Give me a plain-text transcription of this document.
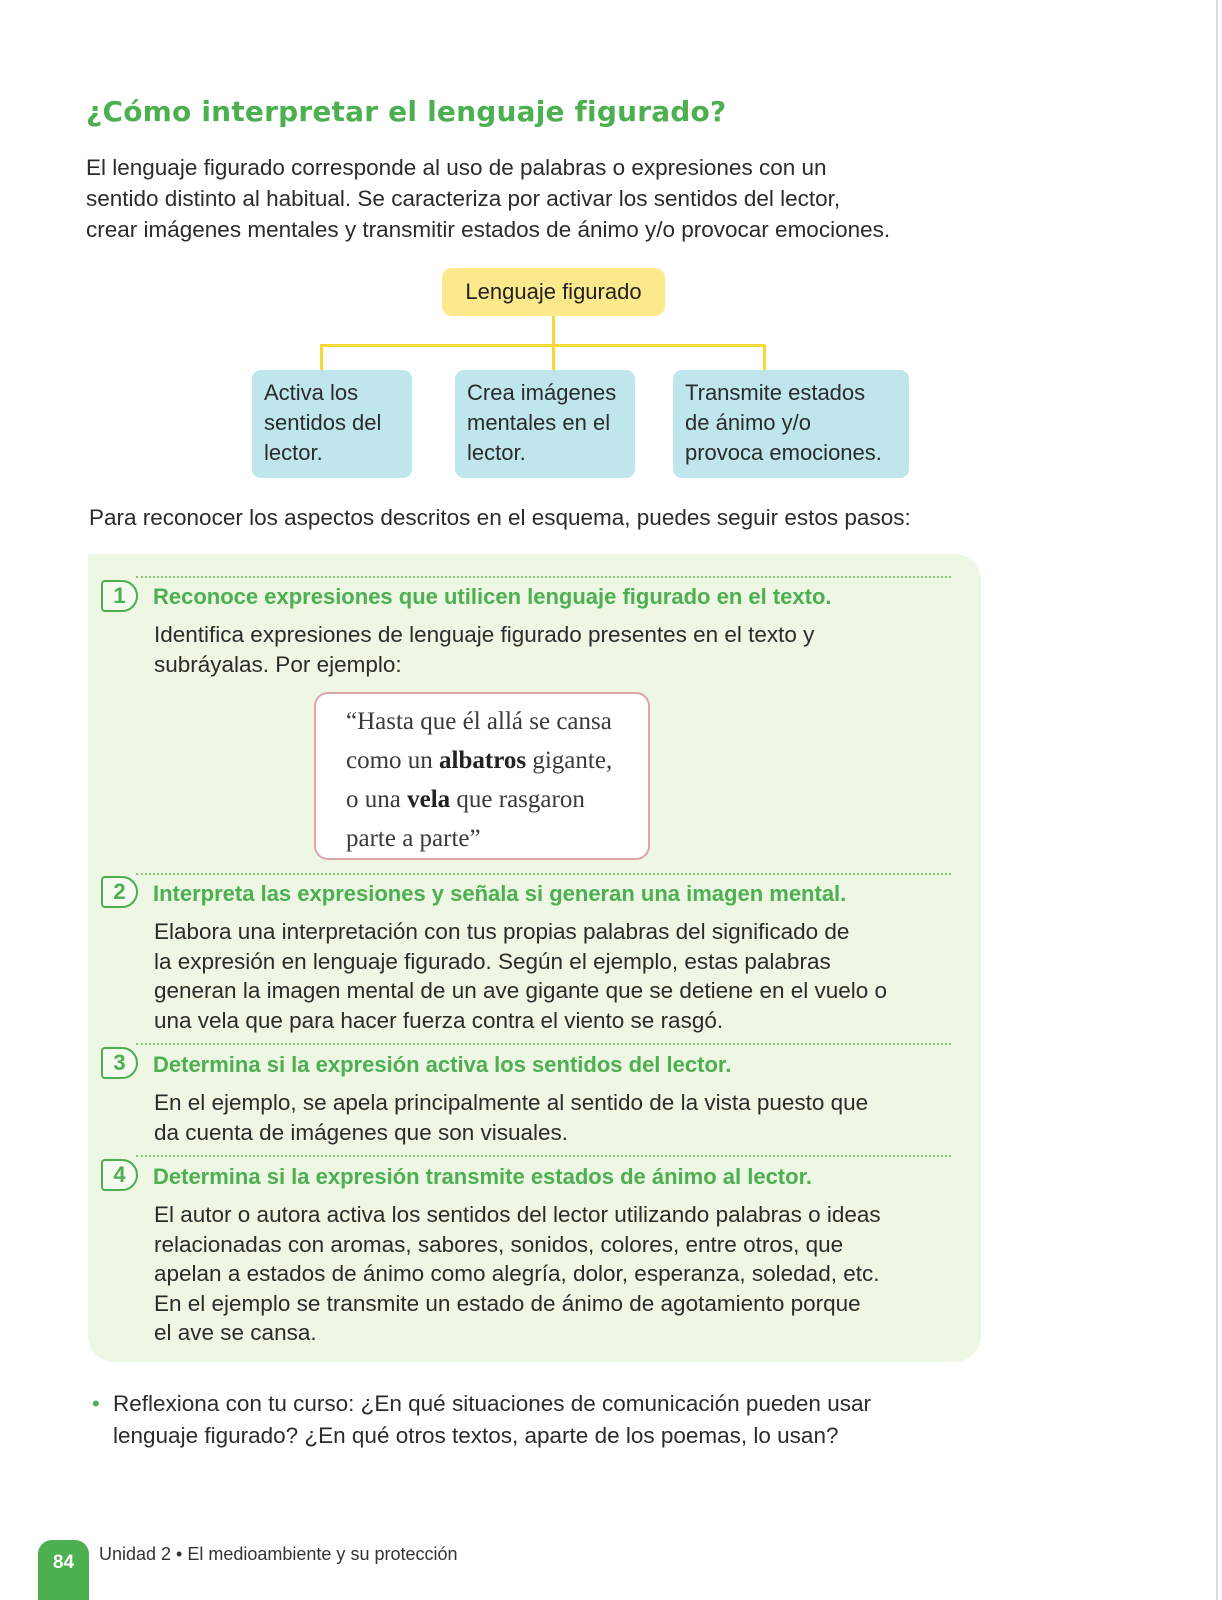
¿Cómo interpretar el lenguaje figurado?
El lenguaje figurado corresponde al uso de palabras o expresiones con un
sentido distinto al habitual. Se caracteriza por activar los sentidos del lector,
crear imágenes mentales y transmitir estados de ánimo y/o provocar emociones.
Lenguaje figurado
Activa los
sentidos del
lector.
Crea imágenes
mentales en el
lector.
Transmite estados
de ánimo y/o
provoca emociones.
Para reconocer los aspectos descritos en el esquema, puedes seguir estos pasos:
1	Reconoce expresiones que utilicen lenguaje figurado en el texto.
Identifica expresiones de lenguaje figurado presentes en el texto y
subráyalas. Por ejemplo:
“Hasta que él allá se cansa
como un albatros gigante,
o una vela que rasgaron
parte a parte”
2	Interpreta las expresiones y señala si generan una imagen mental.
Elabora una interpretación con tus propias palabras del significado de
la expresión en lenguaje figurado. Según el ejemplo, estas palabras
generan la imagen mental de un ave gigante que se detiene en el vuelo o
una vela que para hacer fuerza contra el viento se rasgó.
3	Determina si la expresión activa los sentidos del lector.
En el ejemplo, se apela principalmente al sentido de la vista puesto que
da cuenta de imágenes que son visuales.
4	Determina si la expresión transmite estados de ánimo al lector.
El autor o autora activa los sentidos del lector utilizando palabras o ideas
relacionadas con aromas, sabores, sonidos, colores, entre otros, que
apelan a estados de ánimo como alegría, dolor, esperanza, soledad, etc.
En el ejemplo se transmite un estado de ánimo de agotamiento porque
el ave se cansa.
• Reflexiona con tu curso: ¿En qué situaciones de comunicación pueden usar
lenguaje figurado? ¿En qué otros textos, aparte de los poemas, lo usan?
84	Unidad 2 • El medioambiente y su protección
